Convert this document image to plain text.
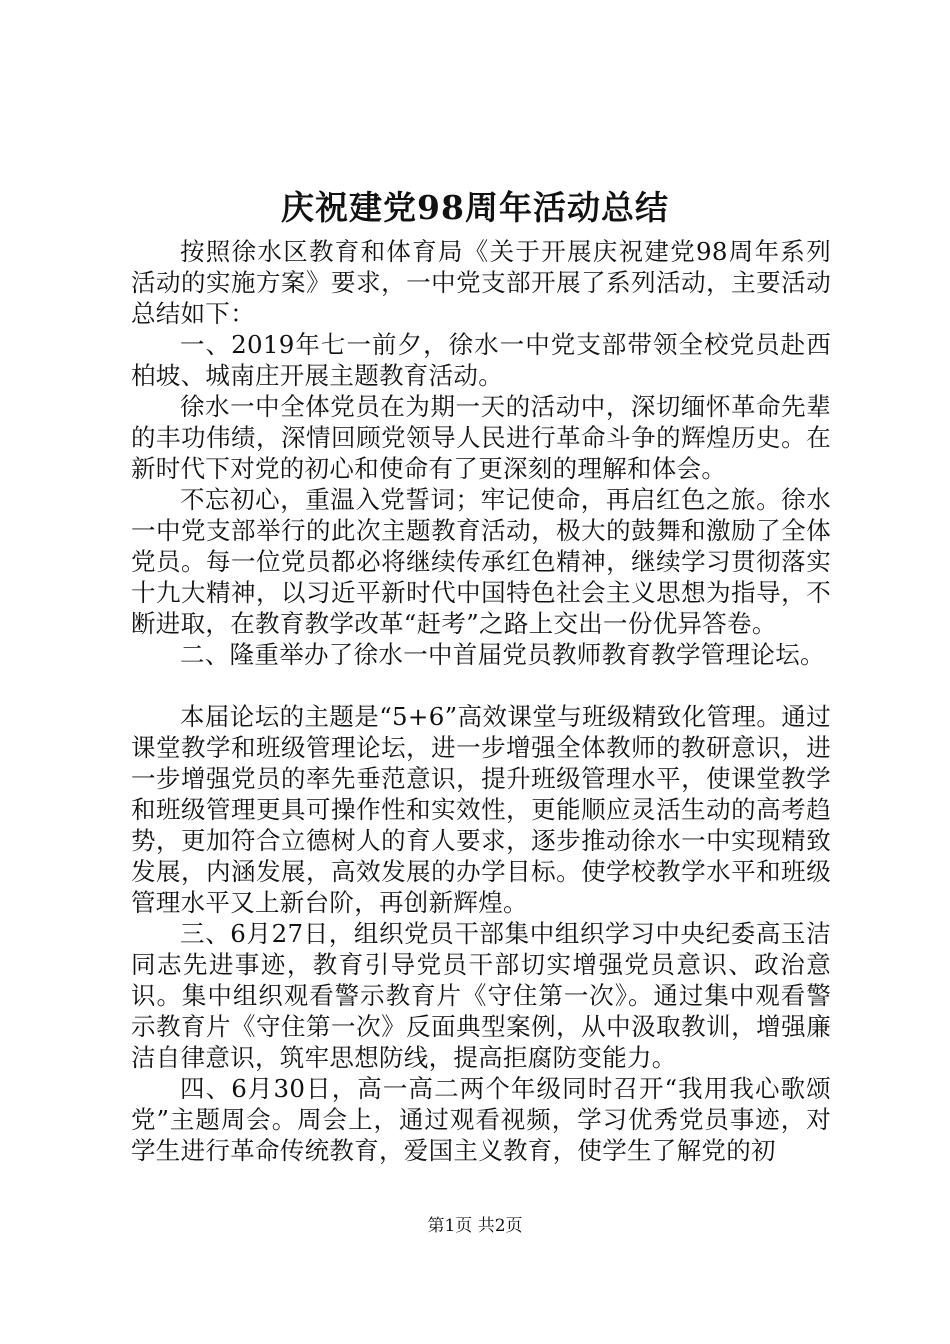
庆祝建党98周年活动总结

按照徐水区教育和体育局《关于开展庆祝建党98周年系列活动的实施方案》要求，一中党支部开展了系列活动，主要活动总结如下：

一、2019年七一前夕，徐水一中党支部带领全校党员赴西柏坡、城南庄开展主题教育活动。

徐水一中全体党员在为期一天的活动中，深切缅怀革命先辈的丰功伟绩，深情回顾党领导人民进行革命斗争的辉煌历史。在新时代下对党的初心和使命有了更深刻的理解和体会。

不忘初心，重温入党誓词；牢记使命，再启红色之旅。徐水一中党支部举行的此次主题教育活动，极大的鼓舞和激励了全体党员。每一位党员都必将继续传承红色精神，继续学习贯彻落实十九大精神，以习近平新时代中国特色社会主义思想为指导，不断进取，在教育教学改革“赶考”之路上交出一份优异答卷。

二、隆重举办了徐水一中首届党员教师教育教学管理论坛。

本届论坛的主题是“5+6”高效课堂与班级精致化管理。通过课堂教学和班级管理论坛，进一步增强全体教师的教研意识，进一步增强党员的率先垂范意识，提升班级管理水平，使课堂教学和班级管理更具可操作性和实效性，更能顺应灵活生动的高考趋势，更加符合立德树人的育人要求，逐步推动徐水一中实现精致发展，内涵发展，高效发展的办学目标。使学校教学水平和班级管理水平又上新台阶，再创新辉煌。

三、6月27日，组织党员干部集中组织学习中央纪委高玉洁同志先进事迹，教育引导党员干部切实增强党员意识、政治意识。集中组织观看警示教育片《守住第一次》。通过集中观看警示教育片《守住第一次》反面典型案例，从中汲取教训，增强廉洁自律意识，筑牢思想防线，提高拒腐防变能力。

四、6月30日，高一高二两个年级同时召开“我用我心歌颂党”主题周会。周会上，通过观看视频，学习优秀党员事迹，对学生进行革命传统教育，爱国主义教育，使学生了解党的初

第1页 共2页
